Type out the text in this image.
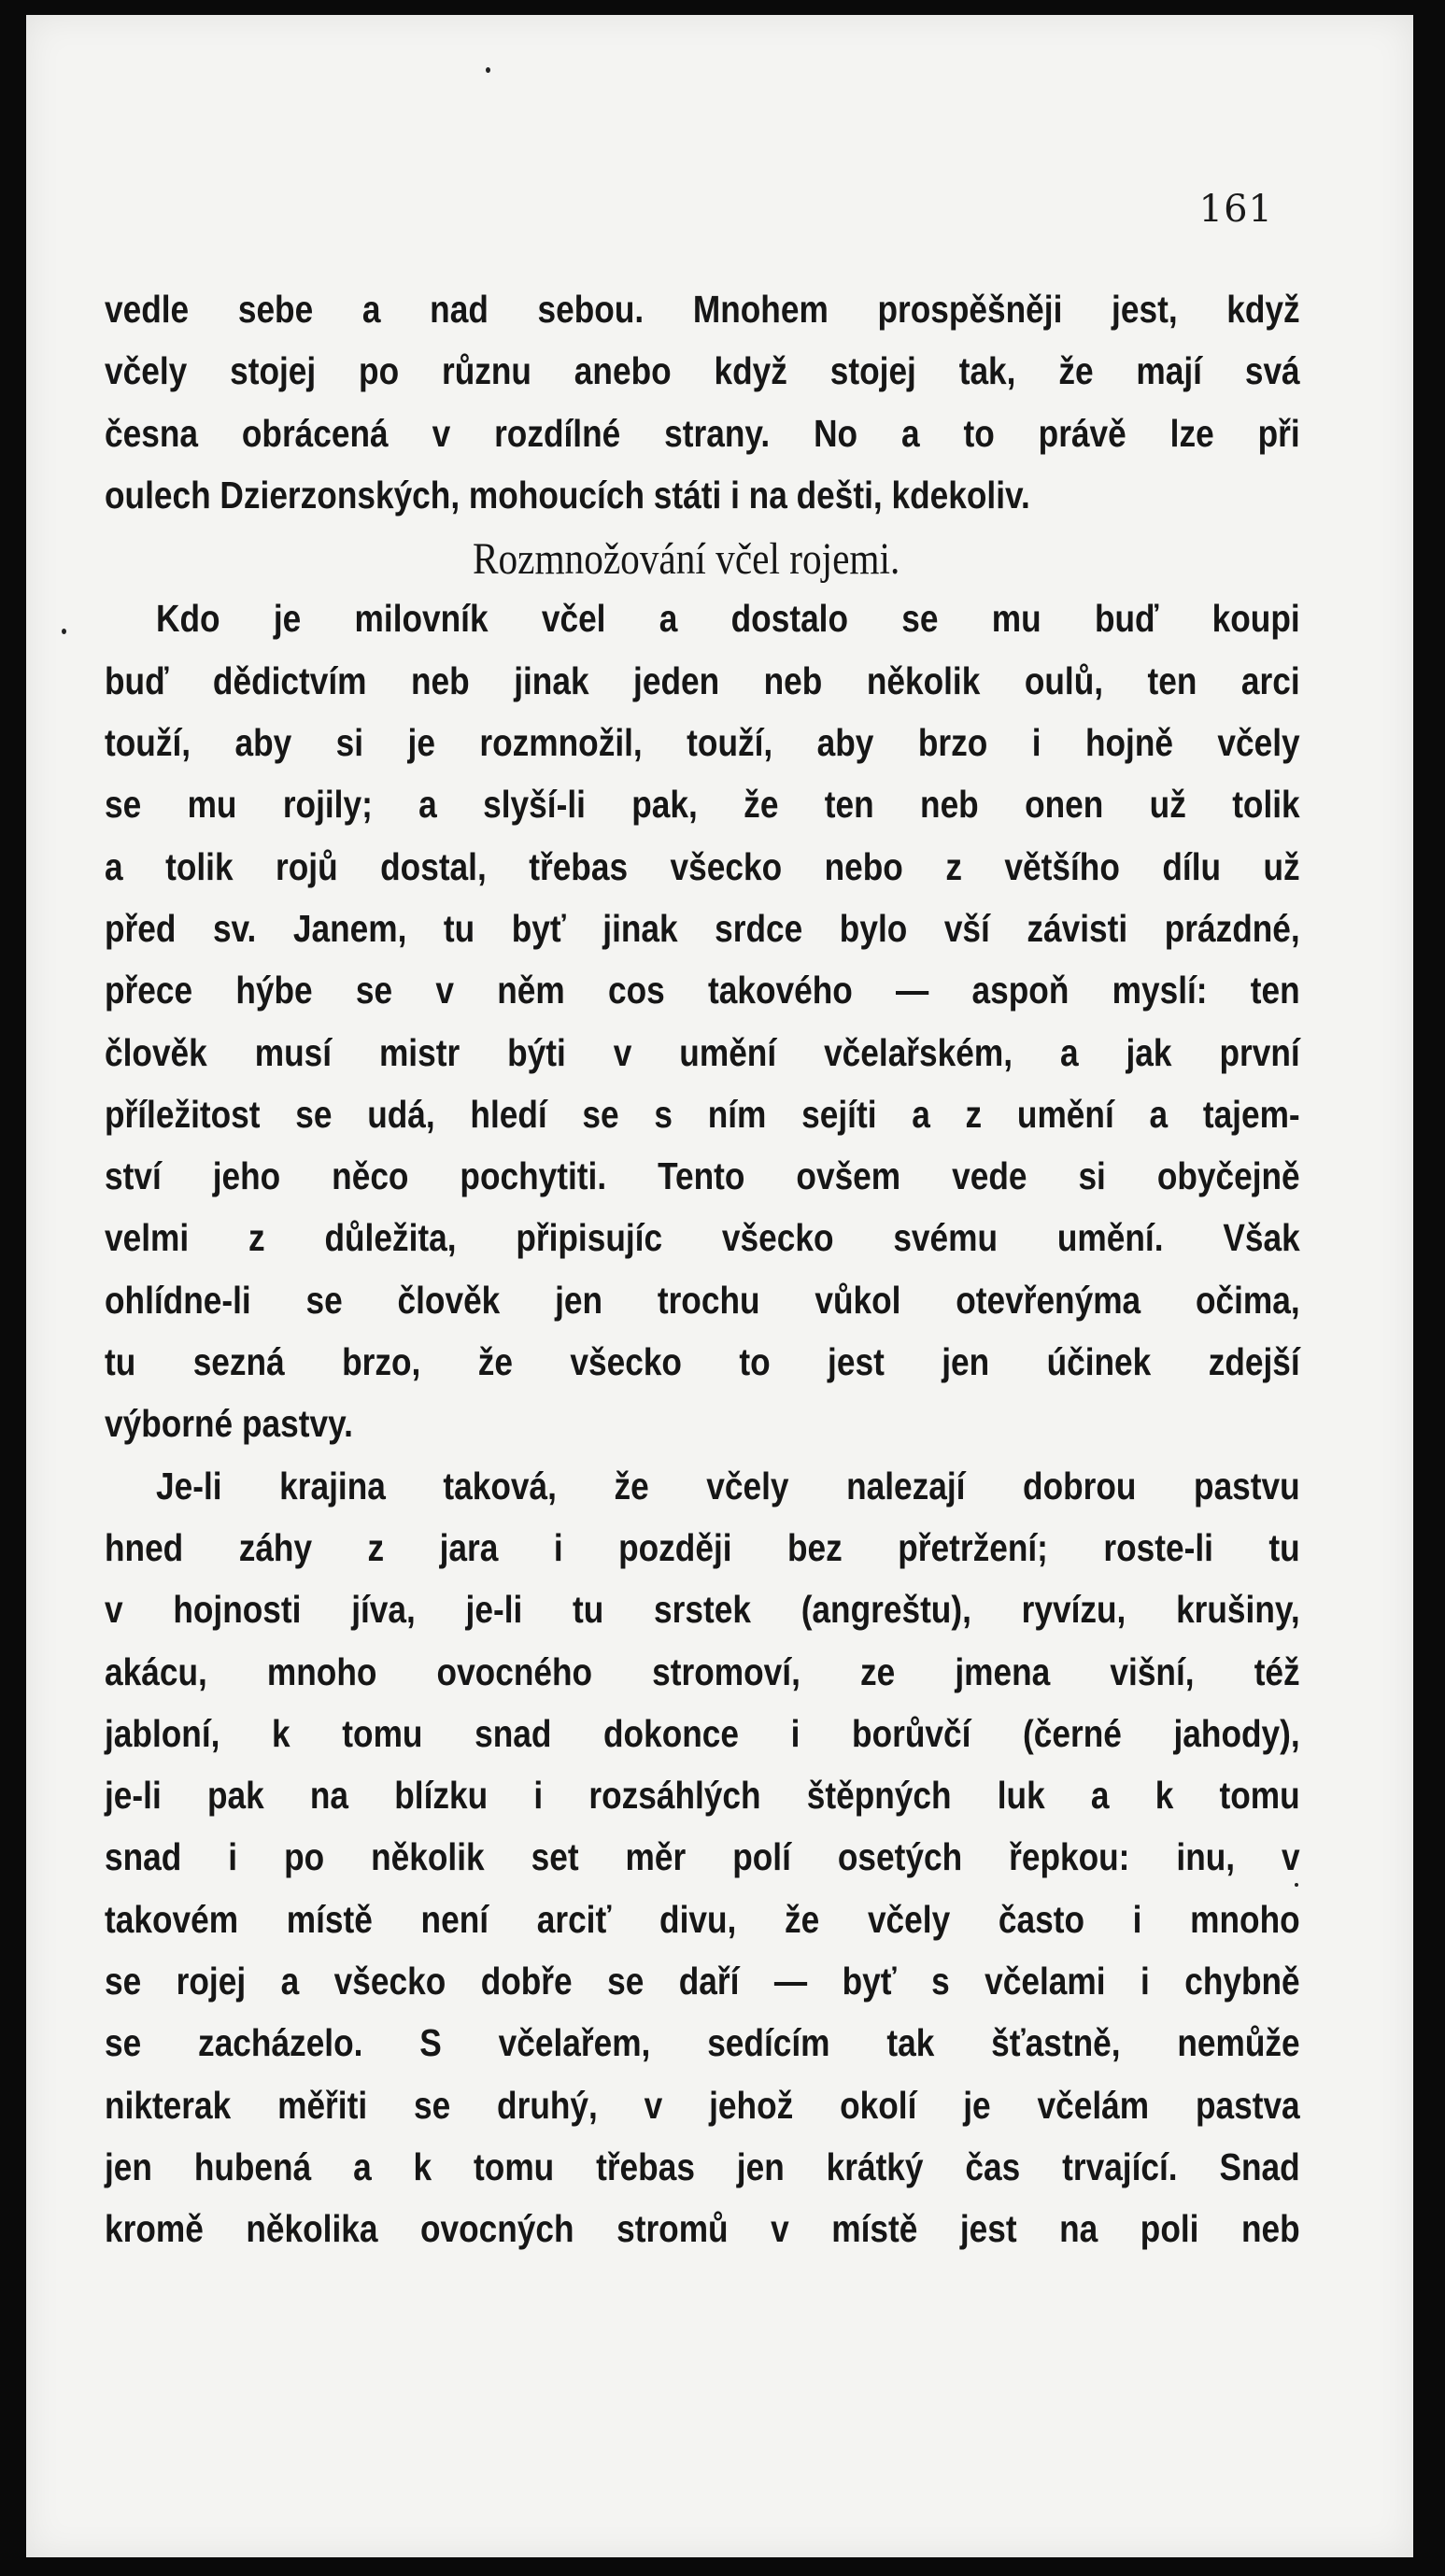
161
vedle sebe a nad sebou. Mnohem prospěšněji jest, když
včely stojej po různu anebo když stojej tak, že mají svá
česna obrácená v rozdílné strany. No a to právě lze při
oulech Dzierzonských, mohoucích státi i na dešti, kdekoliv.
Rozmnožování včel rojemi.
Kdo je milovník včel a dostalo se mu buď koupi
buď dědictvím neb jinak jeden neb několik oulů, ten arci
touží, aby si je rozmnožil, touží, aby brzo i hojně včely
se mu rojily; a slyší-li pak, že ten neb onen už tolik
a tolik rojů dostal, třebas všecko nebo z většího dílu už
před sv. Janem, tu byť jinak srdce bylo vší závisti prázdné,
přece hýbe se v něm cos takového — aspoň myslí: ten
člověk musí mistr býti v umění včelařském, a jak první
příležitost se udá, hledí se s ním sejíti a z umění a tajem-
ství jeho něco pochytiti. Tento ovšem vede si obyčejně
velmi z důležita, připisujíc všecko svému umění. Však
ohlídne-li se člověk jen trochu vůkol otevřenýma očima,
tu sezná brzo, že všecko to jest jen účinek zdejší
výborné pastvy.
Je-li krajina taková, že včely nalezají dobrou pastvu
hned záhy z jara i později bez přetržení; roste-li tu
v hojnosti jíva, je-li tu srstek (angreštu), ryvízu, krušiny,
akácu, mnoho ovocného stromoví, ze jmena višní, též
jabloní, k tomu snad dokonce i borůvčí (černé jahody),
je-li pak na blízku i rozsáhlých štěpných luk a k tomu
snad i po několik set měr polí osetých řepkou: inu, v
takovém místě není arciť divu, že včely často i mnoho
se rojej a všecko dobře se daří — byť s včelami i chybně
se zacházelo. S včelařem, sedícím tak šťastně, nemůže
nikterak měřiti se druhý, v jehož okolí je včelám pastva
jen hubená a k tomu třebas jen krátký čas trvající. Snad
kromě několika ovocných stromů v místě jest na poli neb
